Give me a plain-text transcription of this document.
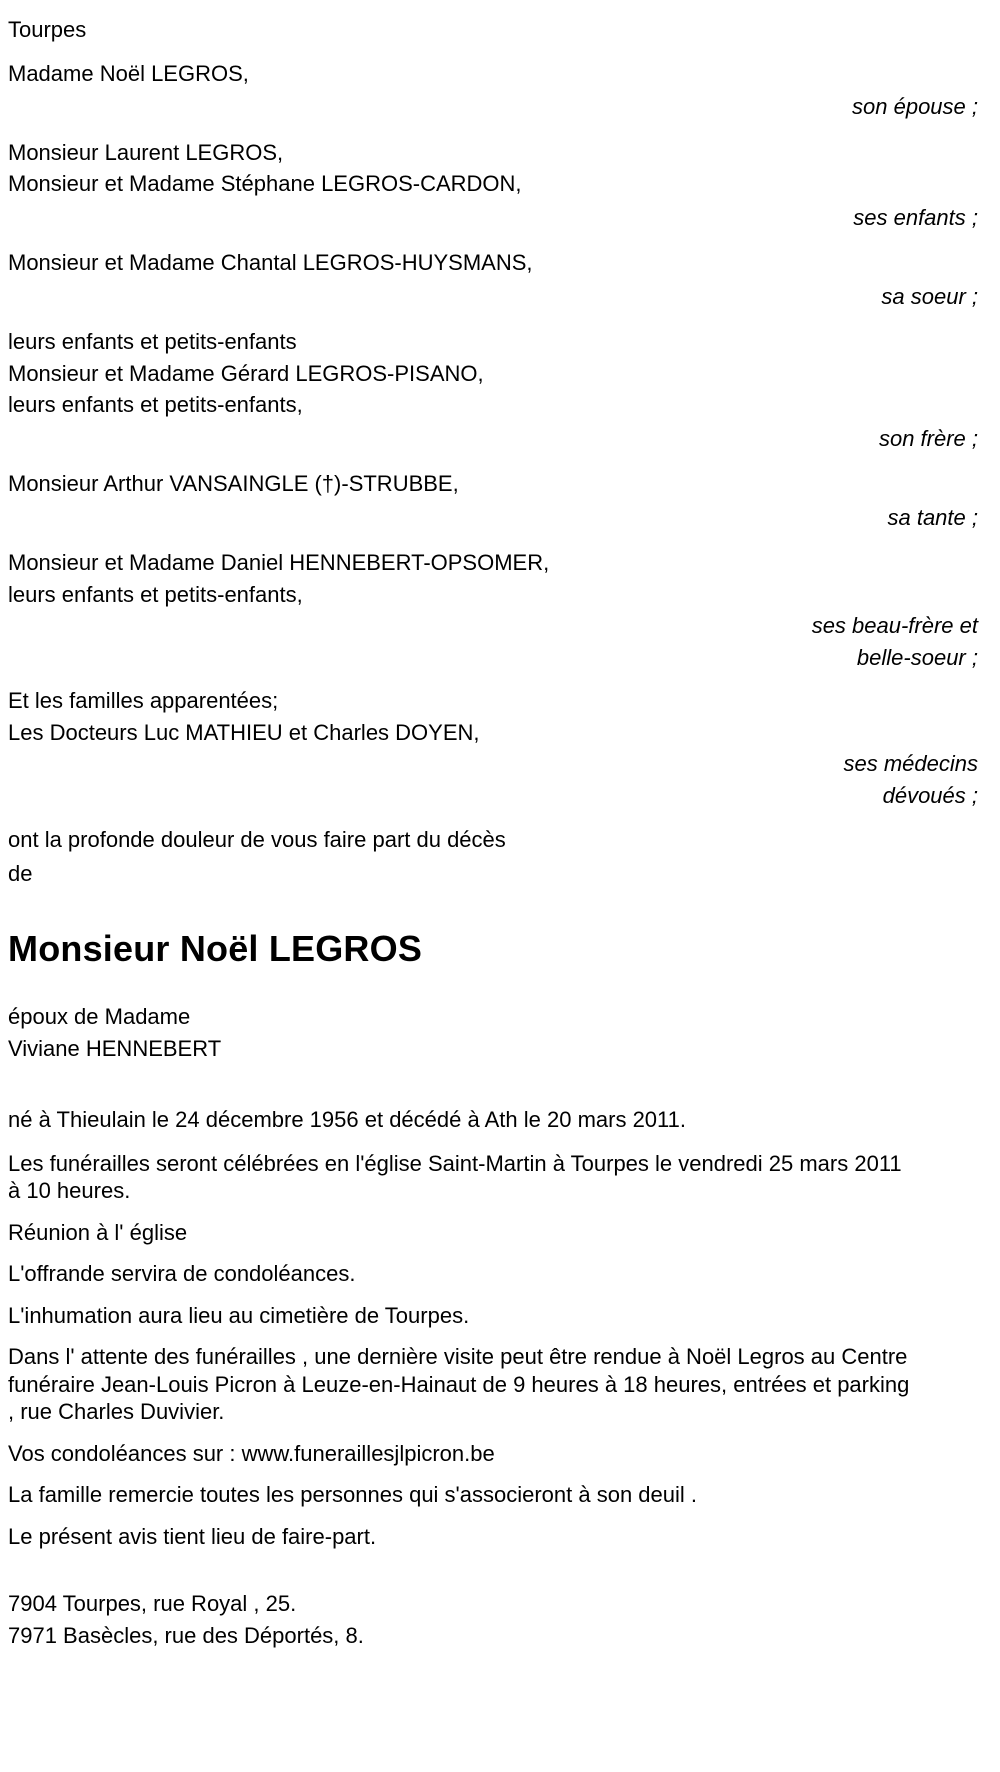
Tourpes
Madame Noël LEGROS,
son épouse ;
Monsieur Laurent LEGROS,
Monsieur et Madame Stéphane LEGROS-CARDON,
ses enfants ;
Monsieur et Madame Chantal LEGROS-HUYSMANS,
sa soeur ;
leurs enfants et petits-enfants
Monsieur et Madame Gérard LEGROS-PISANO,
leurs enfants et petits-enfants,
son frère ;
Monsieur Arthur VANSAINGLE (†)-STRUBBE,
sa tante ;
Monsieur et Madame Daniel HENNEBERT-OPSOMER,
leurs enfants et petits-enfants,
ses beau-frère et
belle-soeur ;
Et les familles apparentées;
Les Docteurs Luc MATHIEU et Charles DOYEN,
ses médecins
dévoués ;
ont la profonde douleur de vous faire part du décès
de
Monsieur Noël LEGROS
époux de Madame
Viviane HENNEBERT

né à Thieulain le 24 décembre 1956 et décédé à Ath le 20 mars 2011.

Les funérailles seront célébrées en l'église Saint-Martin à Tourpes le vendredi 25 mars 2011 à 10 heures.

Réunion à l' église

L'offrande servira de condoléances.

L'inhumation aura lieu au cimetière de Tourpes.

Dans l' attente des funérailles , une dernière visite peut être rendue à Noël Legros au Centre funéraire Jean-Louis Picron à Leuze-en-Hainaut de 9 heures à 18 heures, entrées et parking , rue Charles Duvivier.

Vos condoléances sur : www.funeraillesjlpicron.be

La famille remercie toutes les personnes qui s'associeront à son deuil .

Le présent avis tient lieu de faire-part.

7904 Tourpes, rue Royal , 25.
7971 Basècles, rue des Déportés, 8.
